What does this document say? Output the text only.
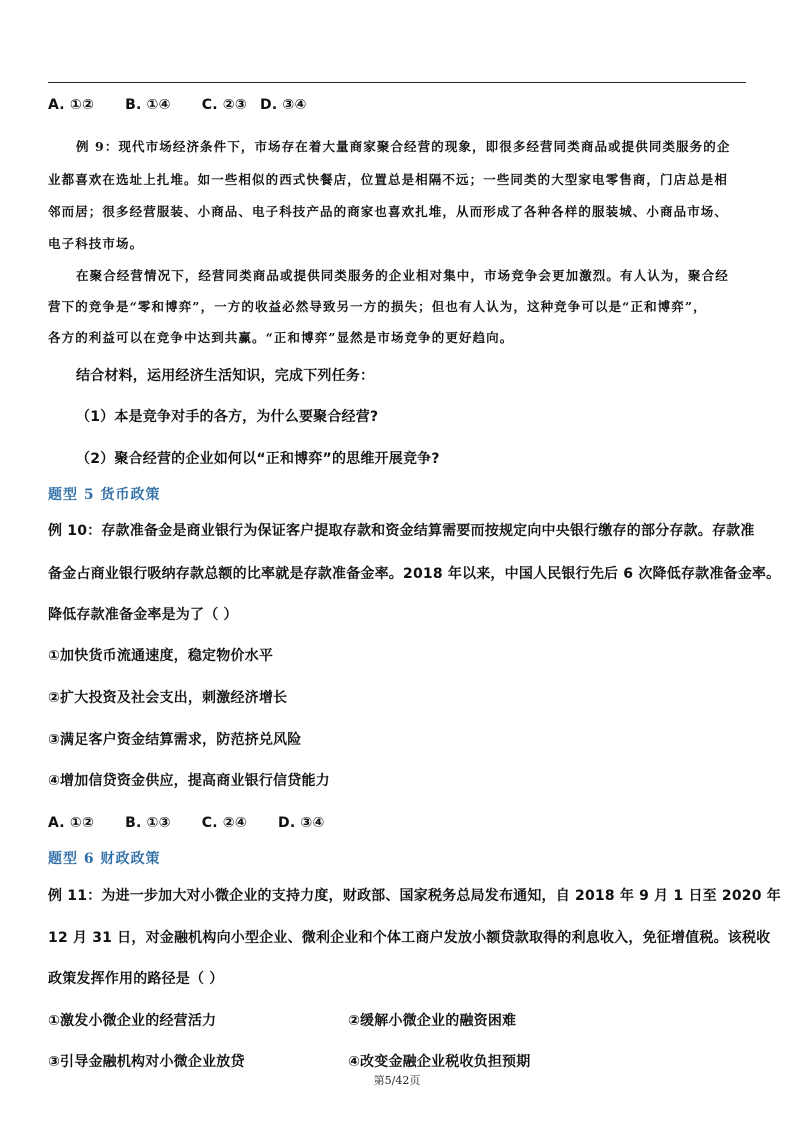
A. ①② B. ①④ C. ②③ D. ③④
例 9：现代市场经济条件下，市场存在着大量商家聚合经营的现象，即很多经营同类商品或提供同类服务的企
业都喜欢在选址上扎堆。如一些相似的西式快餐店，位置总是相隔不远；一些同类的大型家电零售商，门店总是相
邻而居；很多经营服装、小商品、电子科技产品的商家也喜欢扎堆，从而形成了各种各样的服装城、小商品市场、
电子科技市场。
在聚合经营情况下，经营同类商品或提供同类服务的企业相对集中，市场竞争会更加激烈。有人认为，聚合经
营下的竞争是“零和博弈”，一方的收益必然导致另一方的损失；但也有人认为，这种竞争可以是“正和博弈”，
各方的利益可以在竞争中达到共赢。“正和博弈”显然是市场竞争的更好趋向。
结合材料，运用经济生活知识，完成下列任务：
（1）本是竞争对手的各方，为什么要聚合经营?
（2）聚合经营的企业如何以“正和博弈”的思维开展竞争?
题型 5 货币政策
例 10：存款准备金是商业银行为保证客户提取存款和资金结算需要而按规定向中央银行缴存的部分存款。存款准
备金占商业银行吸纳存款总额的比率就是存款准备金率。2018 年以来，中国人民银行先后 6 次降低存款准备金率。
降低存款准备金率是为了（ ）
①加快货币流通速度，稳定物价水平
②扩大投资及社会支出，刺激经济增长
③满足客户资金结算需求，防范挤兑风险
④增加信贷资金供应，提高商业银行信贷能力
A. ①② B. ①③ C. ②④ D. ③④
题型 6 财政政策
例 11：为进一步加大对小微企业的支持力度，财政部、国家税务总局发布通知，自 2018 年 9 月 1 日至 2020 年
12 月 31 日，对金融机构向小型企业、微利企业和个体工商户发放小额贷款取得的利息收入，免征增值税。该税收
政策发挥作用的路径是（ ）
①激发小微企业的经营活力	②缓解小微企业的融资困难
③引导金融机构对小微企业放贷	④改变金融企业税收负担预期
第5/42页
